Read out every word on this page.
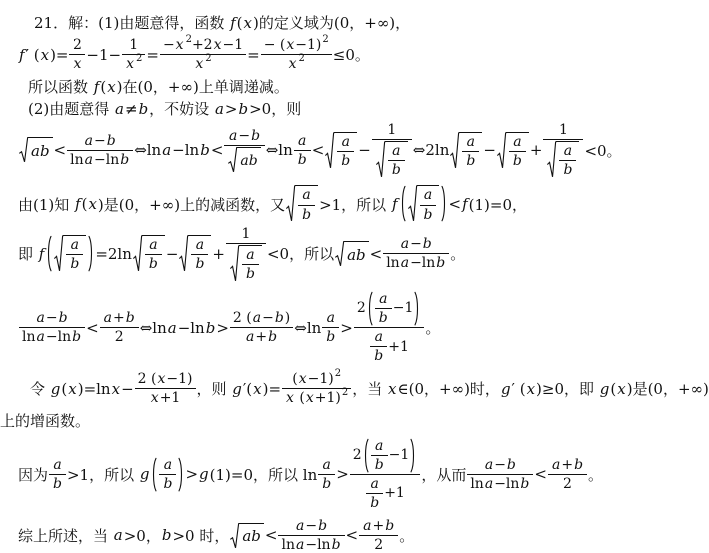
21．解：(1)由题意得，函数 f ( x )的定义域为(0，+∞)，
f ′ ( x )= $\frac{2}{x} -1- \frac{1}{x 2} = \frac{- x 2 +2 x -1}{x 2} = \frac{- ( x -1) 2}{x 2} \le 0$。
所以函数 f ( x )在(0，+∞)上单调递减。
(2)由题意得 a ≠ b ，不妨设 a > b >0，则
ab < $\frac{a - b}{\text{ln a −ln b}}$ ⇔ln a −ln $b < \frac{a - b}{ab}$ ⇔ln $\frac{a}{b} < \frac{a}{b} - \frac{1}{\frac{a}{b}}$ ⇔2ln $\frac{a}{b} - \frac{a}{b} + \frac{1}{\frac{a}{b}} <0$。
由(1)知 f ( x )是(0，+∞)上的减函数，又 $\frac{a}{b} >1$，所以 f $\frac{a}{b} < f$ (1)=0，
即 f $\frac{a}{b} =2\ln \frac{a}{b} - \frac{a}{b} + \frac{1}{\frac{a}{b}} <0$，所以 ab < $\frac{a - b}{\text{ln a −ln b}}$ 。
$\frac{a - b}{\text{ln a −ln b}} < \frac{a + b}{2}$ ⇔ln a −ln $b > \frac{2 ( a - b )}{a + b}$ ⇔ln $\frac{a}{b} > \frac{2 \frac{a}{b} -1}{\frac{a}{b} +1}$ 。
令 g ( x )=ln $x - \frac{2 ( x -1)}{x +1}$ ，则 g ′( x )= $\frac{( x -1) 2}{x ( x +1) 2}$ ，当 x ∈(0，+∞)时， g ′ ( x )≥0，即 g ( x )是(0，+∞)
上的增函数。
因为 $\frac{a}{b} >1$，所以 g $\frac{a}{b} > g$ (1)=0，所以 $\ln \frac{a}{b} > \frac{2 \frac{a}{b} -1}{\frac{a}{b} +1}$ ，从而 $\frac{a - b}{\text{ln a −ln b}} < \frac{a + b}{2}$ 。
综上所述，当 a >0， b >0 时， ab < $\frac{a - b}{\text{ln a −ln b}} < \frac{a + b}{2}$ 。
